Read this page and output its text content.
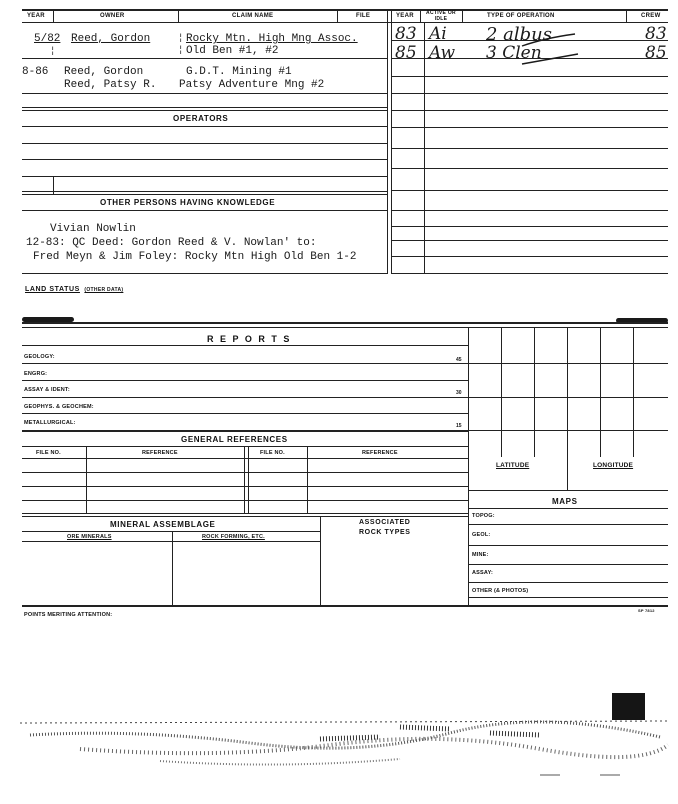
YEAR	OWNER	CLAIM NAME	FILE	YEAR	ACTIVE OR IDLE	TYPE OF OPERATION	CREW
5/82 Reed, Gordon	Rocky Mtn. High Mng Assoc.
Old Ben #1, #2
¦
¦
¦
8-86 Reed, Gordon	G.D.T. Mining #1
Reed, Patsy R. Patsy Adventure Mng #2
83 Ai 2 albus	83
85 Aw 3 Clen	85
OPERATORS
OTHER PERSONS HAVING KNOWLEDGE
Vivian Nowlin
12-83: QC Deed: Gordon Reed & V. Nowlan' to:
Fred Meyn & Jim Foley: Rocky Mtn High Old Ben 1-2
LAND STATUS (OTHER DATA)
R E P O R T S
GEOLOGY:	45
ENGRG:
ASSAY & IDENT:	30
GEOPHYS. & GEOCHEM:
METALLURGICAL:	15
GENERAL REFERENCES
FILE NO.	REFERENCE	FILE NO.	REFERENCE
LATITUDE	LONGITUDE
MAPS
TOPOG:
GEOL:
MINE:
ASSAY:
OTHER (& PHOTOS)
MINERAL ASSEMBLAGE	ASSOCIATED
ROCK TYPES
ORE MINERALS	ROCK FORMING, ETC.
POINTS MERITING ATTENTION:
SP 7812
